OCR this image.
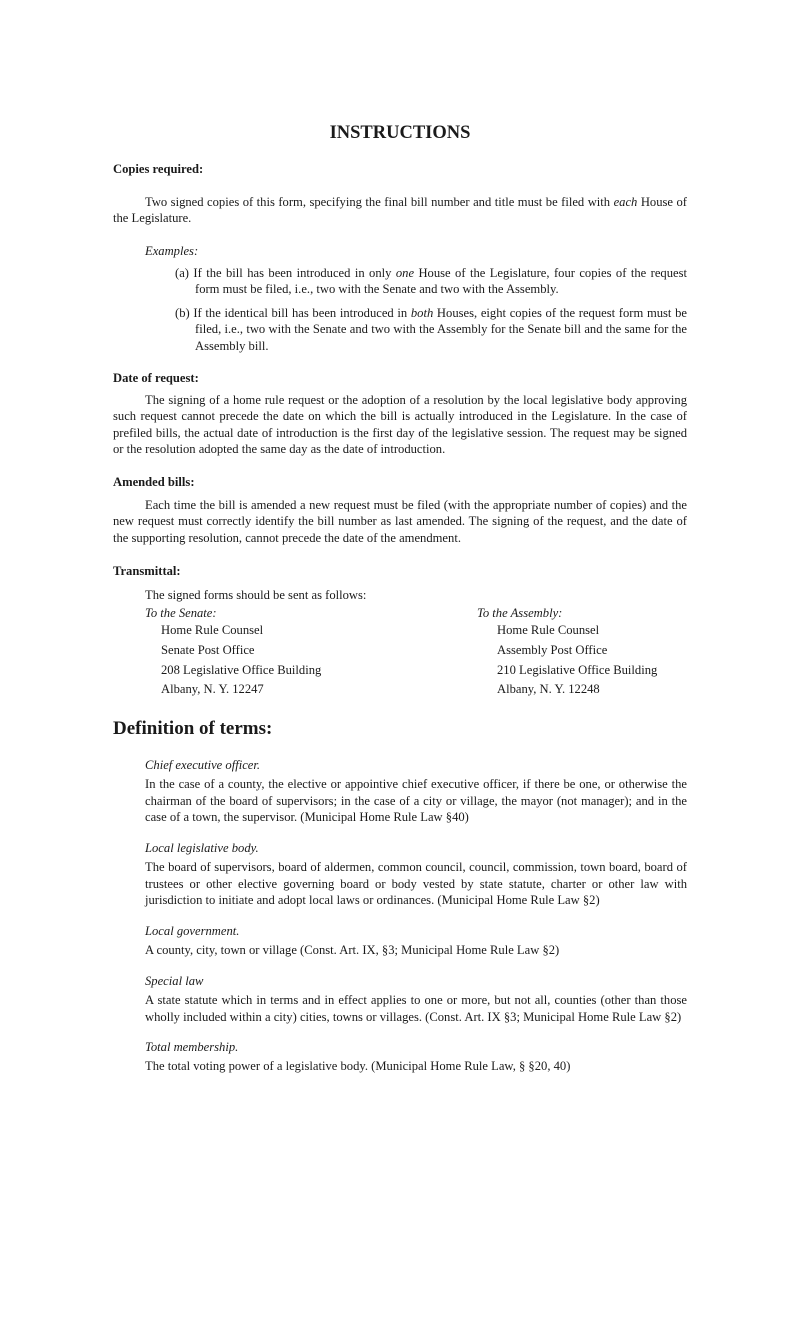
INSTRUCTIONS
Copies required:
Two signed copies of this form, specifying the final bill number and title must be filed with each House of the Legislature.
Examples:
(a) If the bill has been introduced in only one House of the Legislature, four copies of the request form must be filed, i.e., two with the Senate and two with the Assembly.
(b) If the identical bill has been introduced in both Houses, eight copies of the request form must be filed, i.e., two with the Senate and two with the Assembly for the Senate bill and the same for the Assembly bill.
Date of request:
The signing of a home rule request or the adoption of a resolution by the local legislative body approving such request cannot precede the date on which the bill is actually introduced in the Legislature. In the case of prefiled bills, the actual date of introduction is the first day of the legislative session. The request may be signed or the resolution adopted the same day as the date of introduction.
Amended bills:
Each time the bill is amended a new request must be filed (with the appropriate number of copies) and the new request must correctly identify the bill number as last amended. The signing of the request, and the date of the supporting resolution, cannot precede the date of the amendment.
Transmittal:
The signed forms should be sent as follows:
To the Senate:
Home Rule Counsel
Senate Post Office
208 Legislative Office Building
Albany, N. Y. 12247
To the Assembly:
Home Rule Counsel
Assembly Post Office
210 Legislative Office Building
Albany, N. Y. 12248
Definition of terms:
Chief executive officer.
In the case of a county, the elective or appointive chief executive officer, if there be one, or otherwise the chairman of the board of supervisors; in the case of a city or village, the mayor (not manager); and in the case of a town, the supervisor. (Municipal Home Rule Law §40)
Local legislative body.
The board of supervisors, board of aldermen, common council, council, commission, town board, board of trustees or other elective governing board or body vested by state statute, charter or other law with jurisdiction to initiate and adopt local laws or ordinances. (Municipal Home Rule Law §2)
Local government.
A county, city, town or village (Const. Art. IX, §3; Municipal Home Rule Law §2)
Special law
A state statute which in terms and in effect applies to one or more, but not all, counties (other than those wholly included within a city) cities, towns or villages. (Const. Art. IX §3; Municipal Home Rule Law §2)
Total membership.
The total voting power of a legislative body. (Municipal Home Rule Law, § §20, 40)
